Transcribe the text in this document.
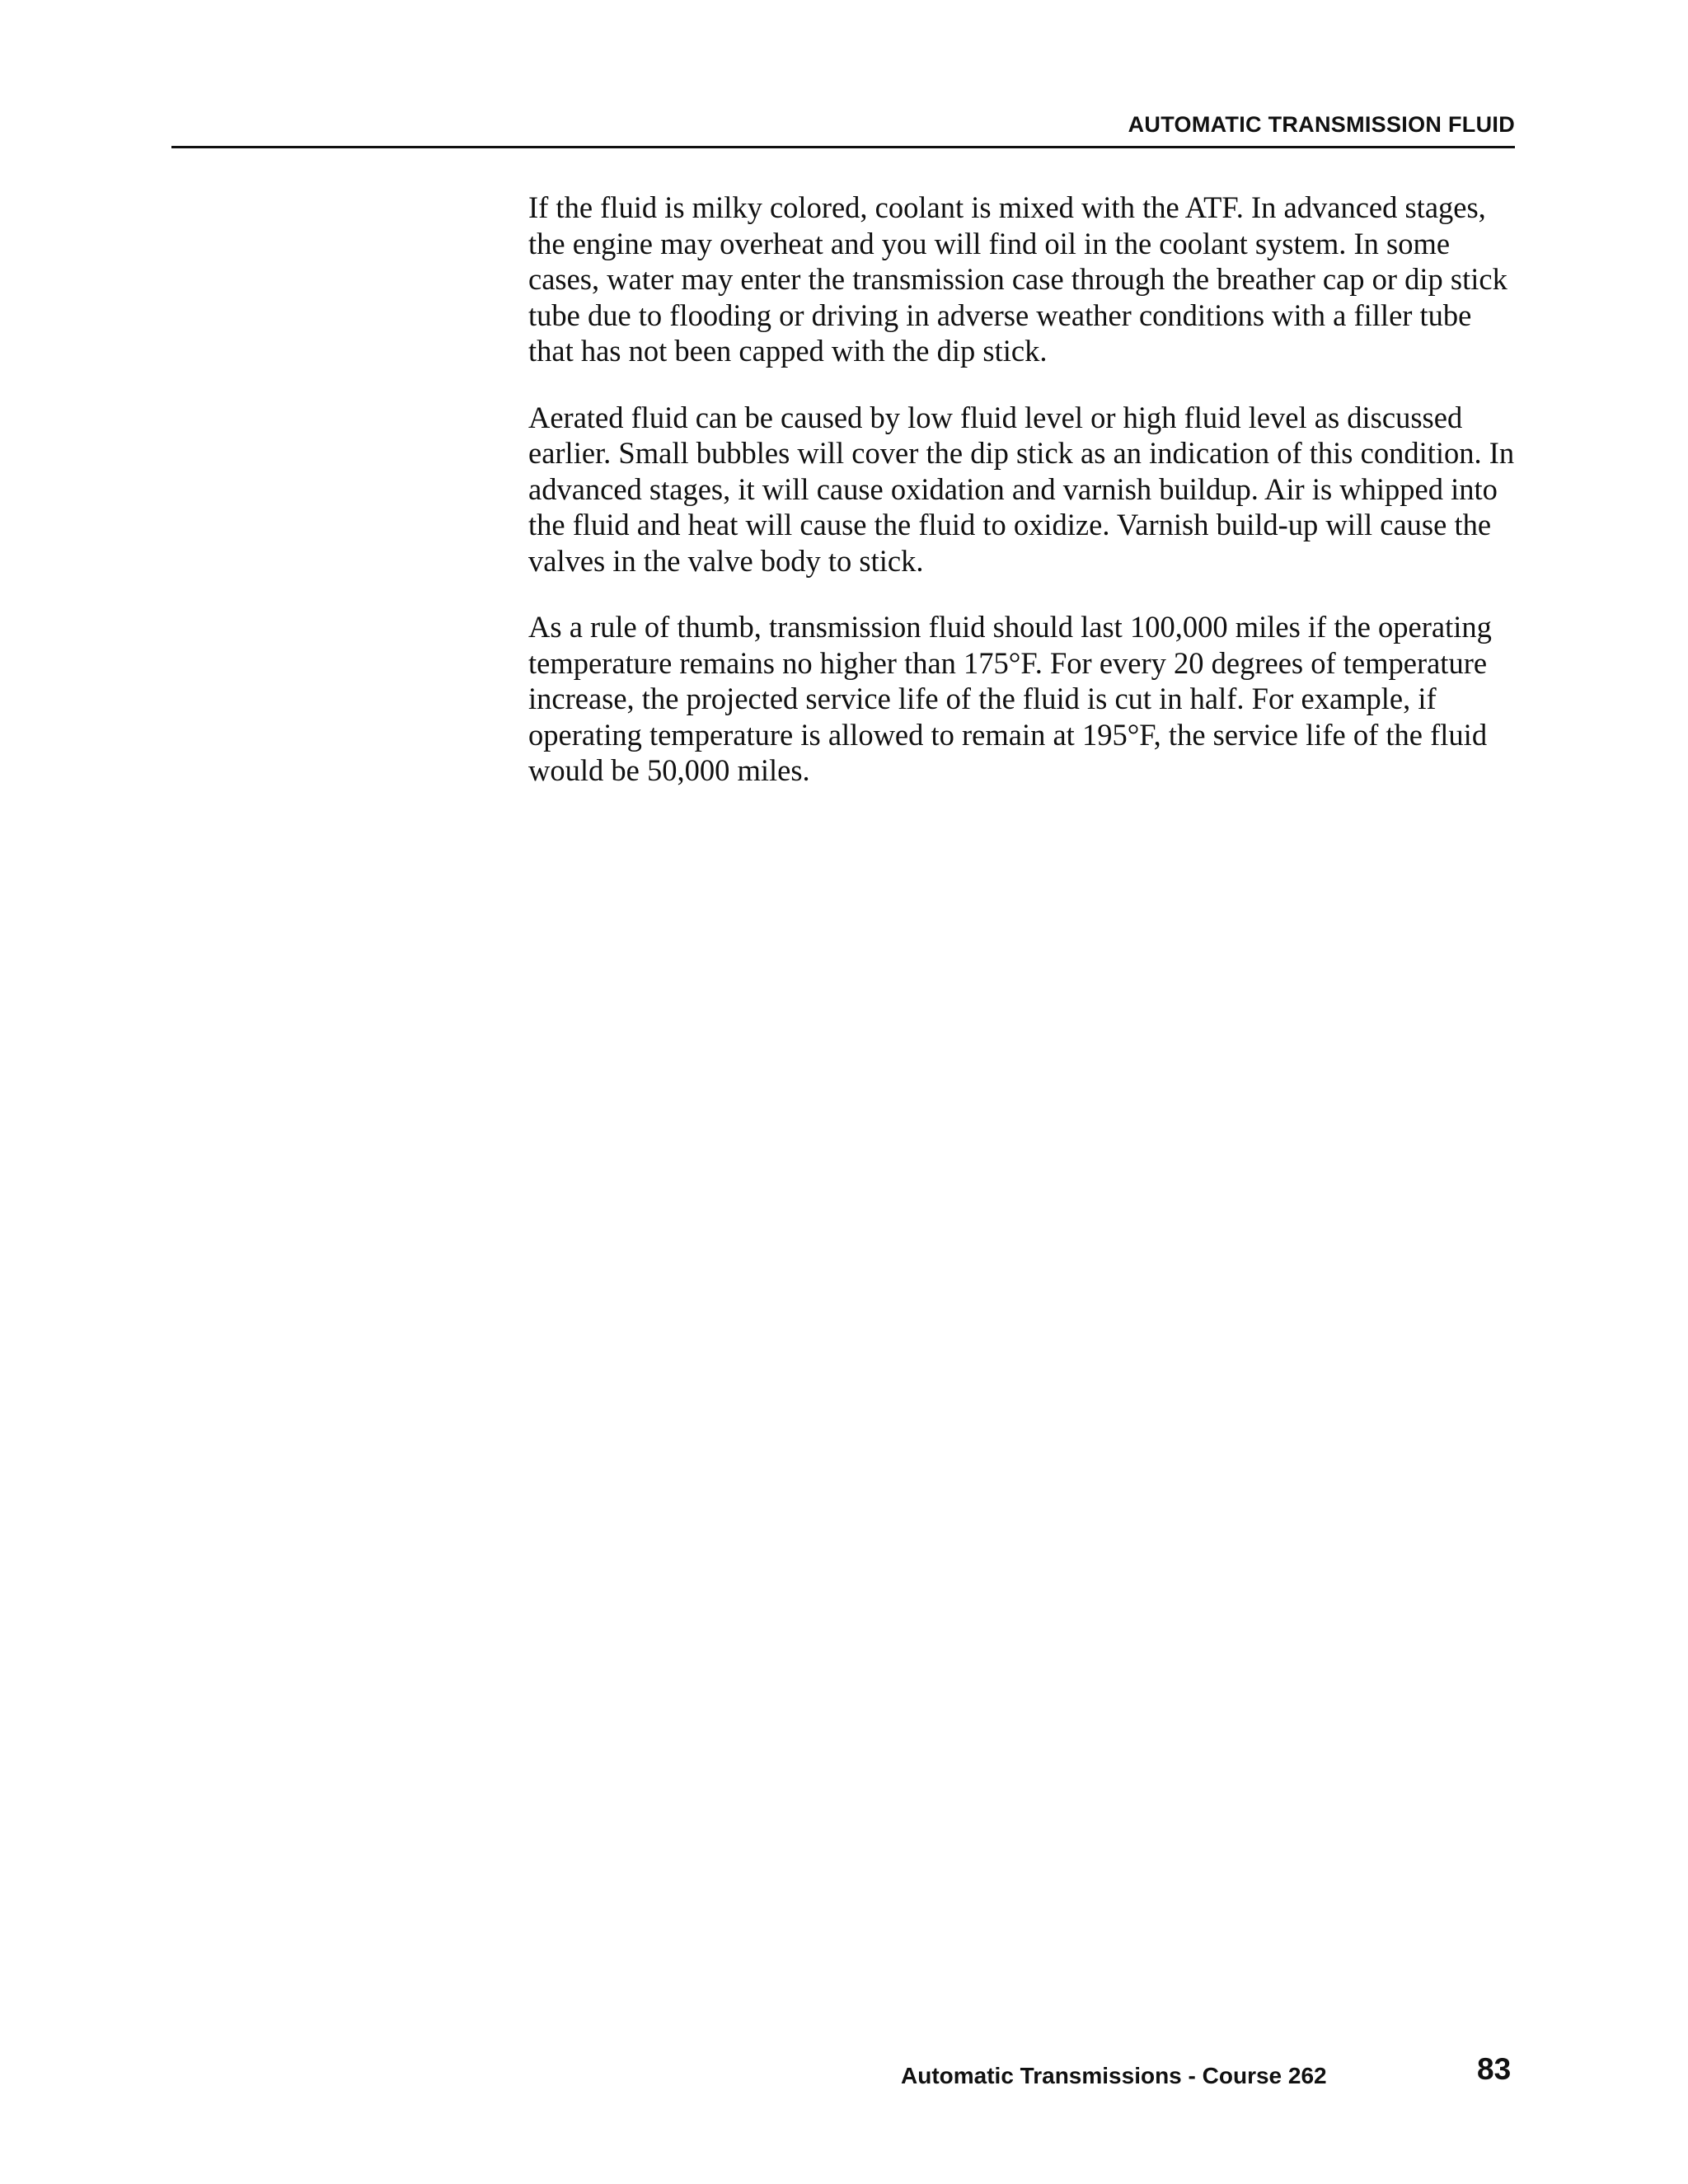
AUTOMATIC TRANSMISSION FLUID

If the fluid is milky colored, coolant is mixed with the ATF. In advanced stages, the engine may overheat and you will find oil in the coolant system. In some cases, water may enter the transmission case through the breather cap or dip stick tube due to flooding or driving in adverse weather conditions with a filler tube that has not been capped with the dip stick.

Aerated fluid can be caused by low fluid level or high fluid level as discussed earlier. Small bubbles will cover the dip stick as an indication of this condition. In advanced stages, it will cause oxidation and varnish buildup. Air is whipped into the fluid and heat will cause the fluid to oxidize. Varnish build-up will cause the valves in the valve body to stick.

As a rule of thumb, transmission fluid should last 100,000 miles if the operating temperature remains no higher than 175°F. For every 20 degrees of temperature increase, the projected service life of the fluid is cut in half. For example, if operating temperature is allowed to remain at 195°F, the service life of the fluid would be 50,000 miles.

Automatic Transmissions - Course 262	83
